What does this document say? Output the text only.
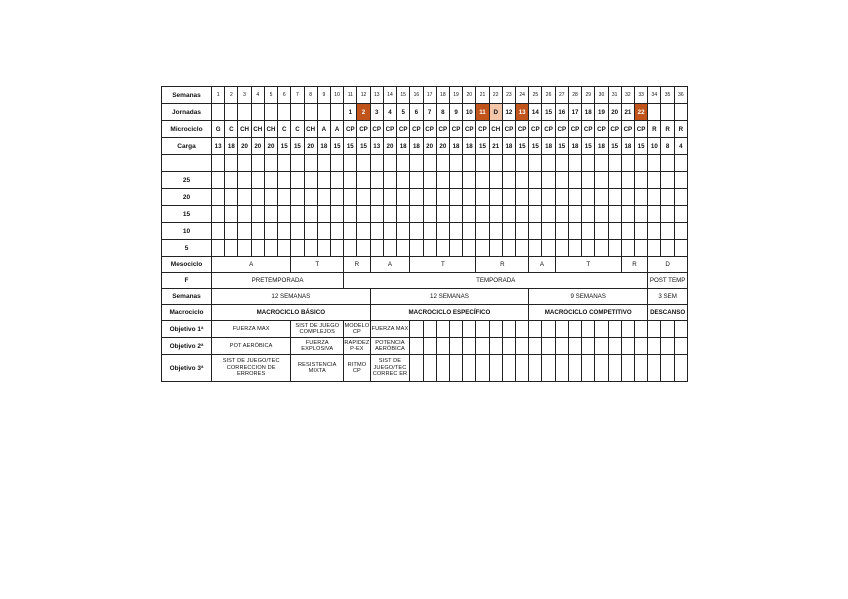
Semanas	1	2	3	4	5	6	7	8	9	10	11	12	13	14	15	16	17	18	19	20	21	22	23	24	25	26	27	28	29	30	31	32	33	34	35	36
Jornadas											1	2	3	4	5	6	7	8	9	10	11	D	12	13	14	15	16	17	18	19	20	21	22			
Microciclo	G	C	CH	CH	CH	C	C	CH	A	A	CP	CP	CP	CP	CP	CP	CP	CP	CP	CP	CP	CH	CP	CP	CP	CP	CP	CP	CP	CP	CP	CP	CP	R	R	R
Carga	13	18	20	20	20	15	15	20	18	15	15	15	13	20	18	18	20	20	18	18	15	21	18	15	15	18	15	18	15	18	15	18	15	10	8	4

25																																				
20																																				
15																																				
10																																				
5																																				
Mesociclo	A						T				R		A			T					R				A		T					R		D		
F	PRETEMPORADA										TEMPORADA																							POST TEMP		
Semanas	12 SEMANAS												12 SEMANAS												9 SEMANAS									3 SEM		
Macrociclo	MACROCICLO BÁSICO												MACROCICLO ESPECÍFICO												MACROCICLO COMPETITIVO									DESCANSO		
Objetivo 1ª	FUERZA MAX						SIST DE JUEGO COMPLEJOS				MODELO CP		FUERZA MAX																							
Objetivo 2ª	POT AERÓBICA						FUERZA EXPLOSIVA				RAPIDEZ P-EX		POTENCIA AERÓBICA																							
Objetivo 3ª	SIST DE JUEGO/TEC CORRECCION DE ERRORES						RESISTENCIA MIXTA				RITMO CP		SIST DE JUEGO/TEC CORREC ER																							
